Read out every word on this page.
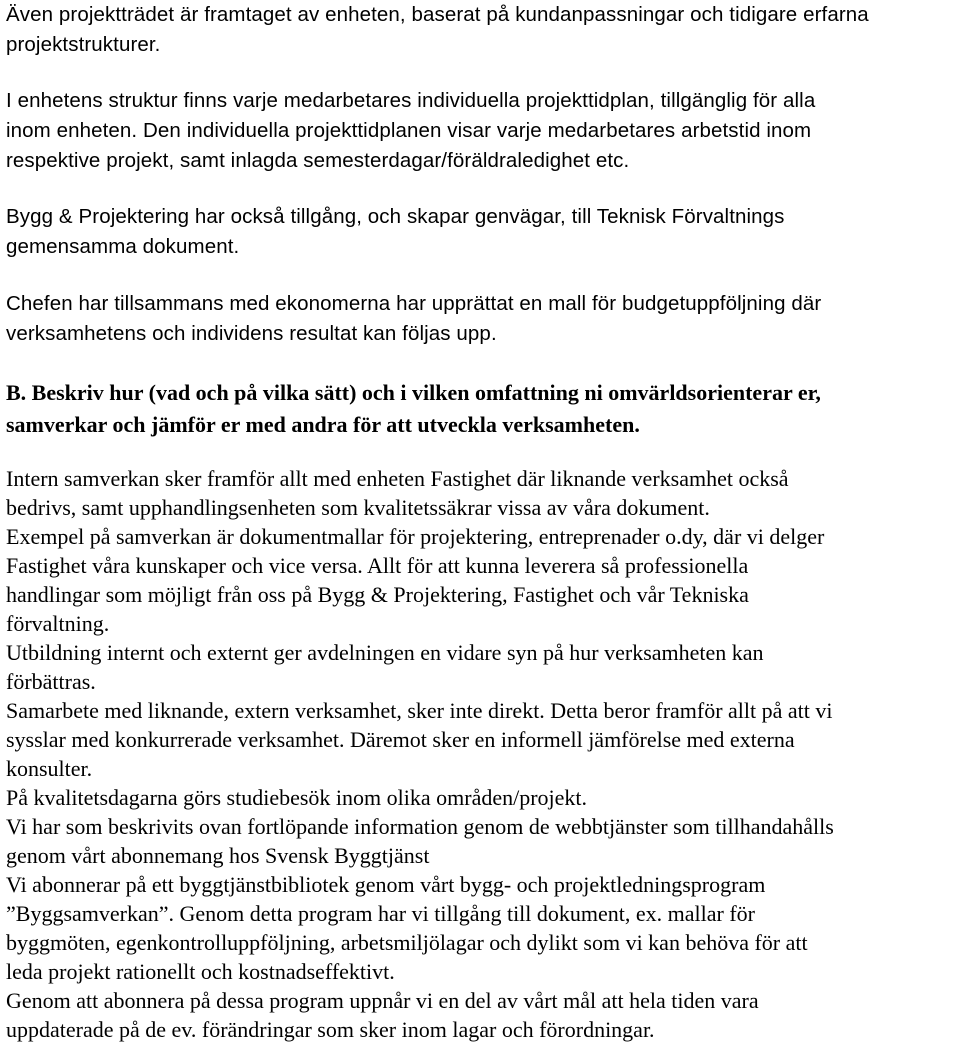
Även projektträdet är framtaget av enheten, baserat på kundanpassningar och tidigare erfarna
projektstrukturer.
I enhetens struktur finns varje medarbetares individuella projekttidplan, tillgänglig för alla
inom enheten. Den individuella projekttidplanen visar varje medarbetares arbetstid inom
respektive projekt, samt inlagda semesterdagar/föräldraledighet etc.
Bygg & Projektering har också tillgång, och skapar genvägar, till Teknisk Förvaltnings
gemensamma dokument.
Chefen har tillsammans med ekonomerna har upprättat en mall för budgetuppföljning där
verksamhetens och individens resultat kan följas upp.
B. Beskriv hur (vad och på vilka sätt) och i vilken omfattning ni omvärldsorienterar er,
samverkar och jämför er med andra för att utveckla verksamheten.
Intern samverkan sker framför allt med enheten Fastighet där liknande verksamhet också
bedrivs, samt upphandlingsenheten som kvalitetssäkrar vissa av våra dokument.
Exempel på samverkan är dokumentmallar för projektering, entreprenader o.dy, där vi delger
Fastighet våra kunskaper och vice versa. Allt för att kunna leverera så professionella
handlingar som möjligt från oss på Bygg & Projektering, Fastighet och vår Tekniska
förvaltning.
Utbildning internt och externt ger avdelningen en vidare syn på hur verksamheten kan
förbättras.
Samarbete med liknande, extern verksamhet, sker inte direkt. Detta beror framför allt på att vi
sysslar med konkurrerade verksamhet. Däremot sker en informell jämförelse med externa
konsulter.
På kvalitetsdagarna görs studiebesök inom olika områden/projekt.
Vi har som beskrivits ovan fortlöpande information genom de webbtjänster som tillhandahålls
genom vårt abonnemang hos Svensk Byggtjänst
Vi abonnerar på ett byggtjänstbibliotek genom vårt bygg- och projektledningsprogram
”Byggsamverkan”. Genom detta program har vi tillgång till dokument, ex. mallar för
byggmöten, egenkontrolluppföljning, arbetsmiljölagar och dylikt som vi kan behöva för att
leda projekt rationellt och kostnadseffektivt.
Genom att abonnera på dessa program uppnår vi en del av vårt mål att hela tiden vara
uppdaterade på de ev. förändringar som sker inom lagar och förordningar.
